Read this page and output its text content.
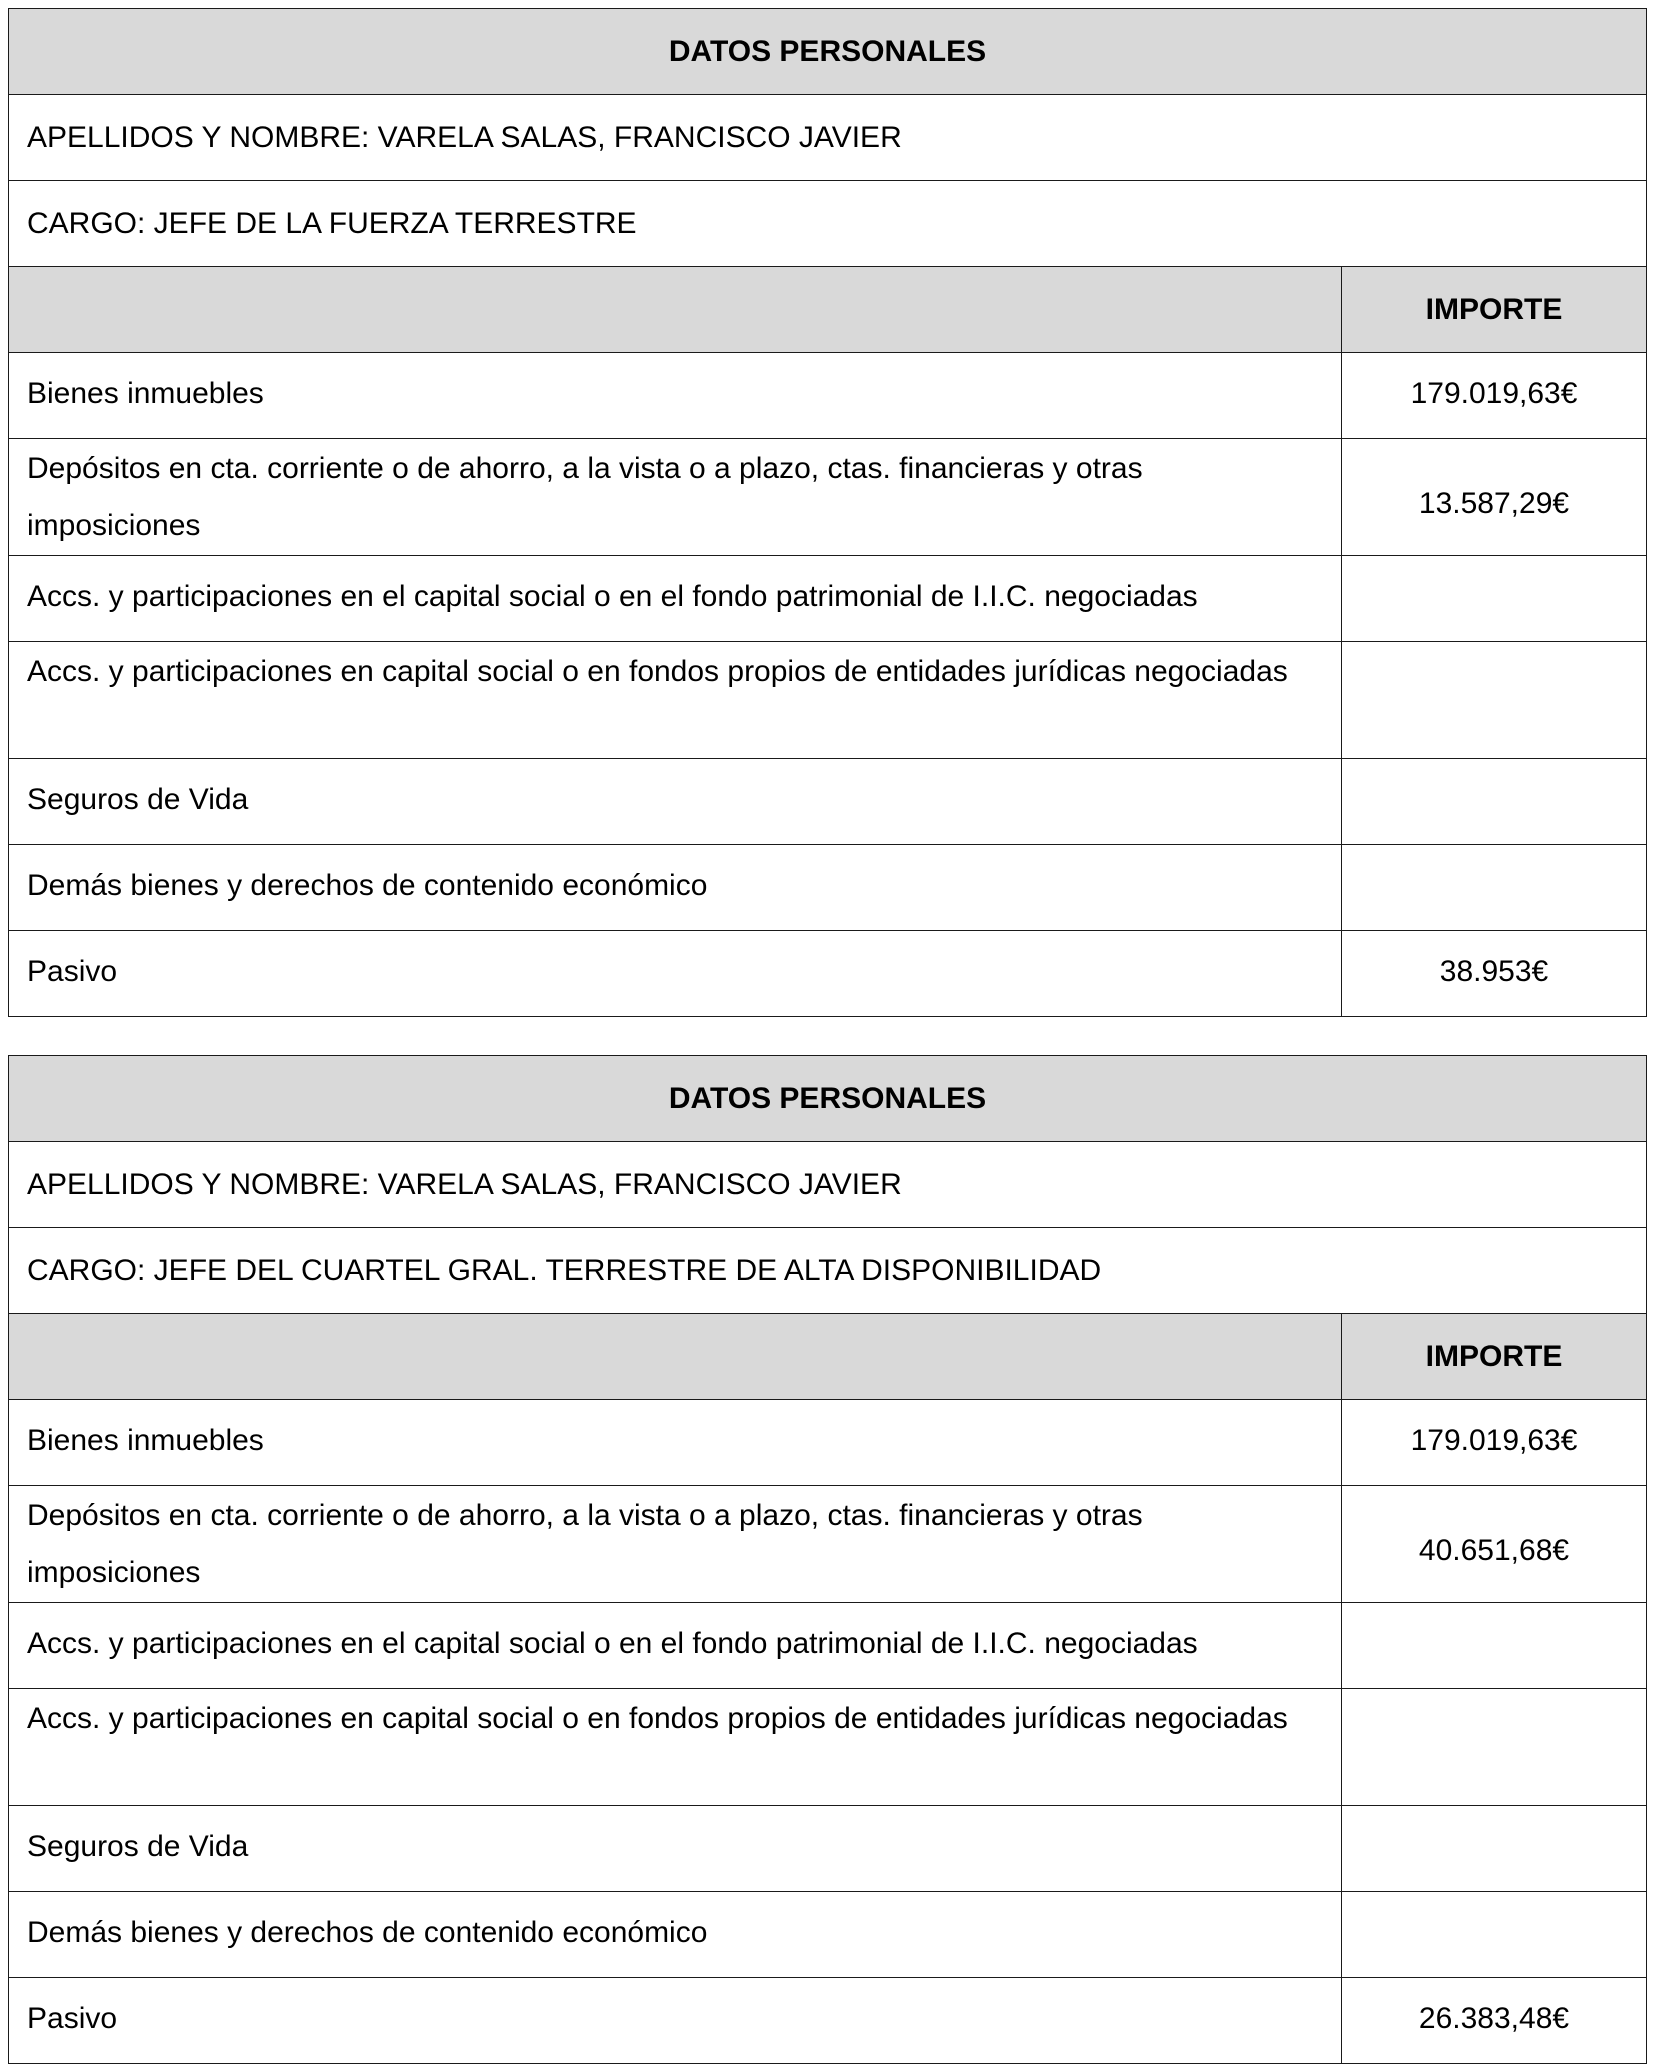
DATOS PERSONALES	
APELLIDOS Y NOMBRE: VARELA SALAS, FRANCISCO JAVIER	
CARGO: JEFE DE LA FUERZA TERRESTRE	
	IMPORTE
Bienes inmuebles	179.019,63€
Depósitos en cta. corriente o de ahorro, a la vista o a plazo, ctas. financieras y otras imposiciones	13.587,29€
Accs. y participaciones en el capital social o en el fondo patrimonial de I.I.C. negociadas	
Accs. y participaciones en capital social o en fondos propios de entidades jurídicas negociadas	
Seguros de Vida	
Demás bienes y derechos de contenido económico	
Pasivo	38.953€
DATOS PERSONALES	
APELLIDOS Y NOMBRE: VARELA SALAS, FRANCISCO JAVIER	
CARGO: JEFE DEL CUARTEL GRAL. TERRESTRE DE ALTA DISPONIBILIDAD	
	IMPORTE
Bienes inmuebles	179.019,63€
Depósitos en cta. corriente o de ahorro, a la vista o a plazo, ctas. financieras y otras imposiciones	40.651,68€
Accs. y participaciones en el capital social o en el fondo patrimonial de I.I.C. negociadas	
Accs. y participaciones en capital social o en fondos propios de entidades jurídicas negociadas	
Seguros de Vida	
Demás bienes y derechos de contenido económico	
Pasivo	26.383,48€
